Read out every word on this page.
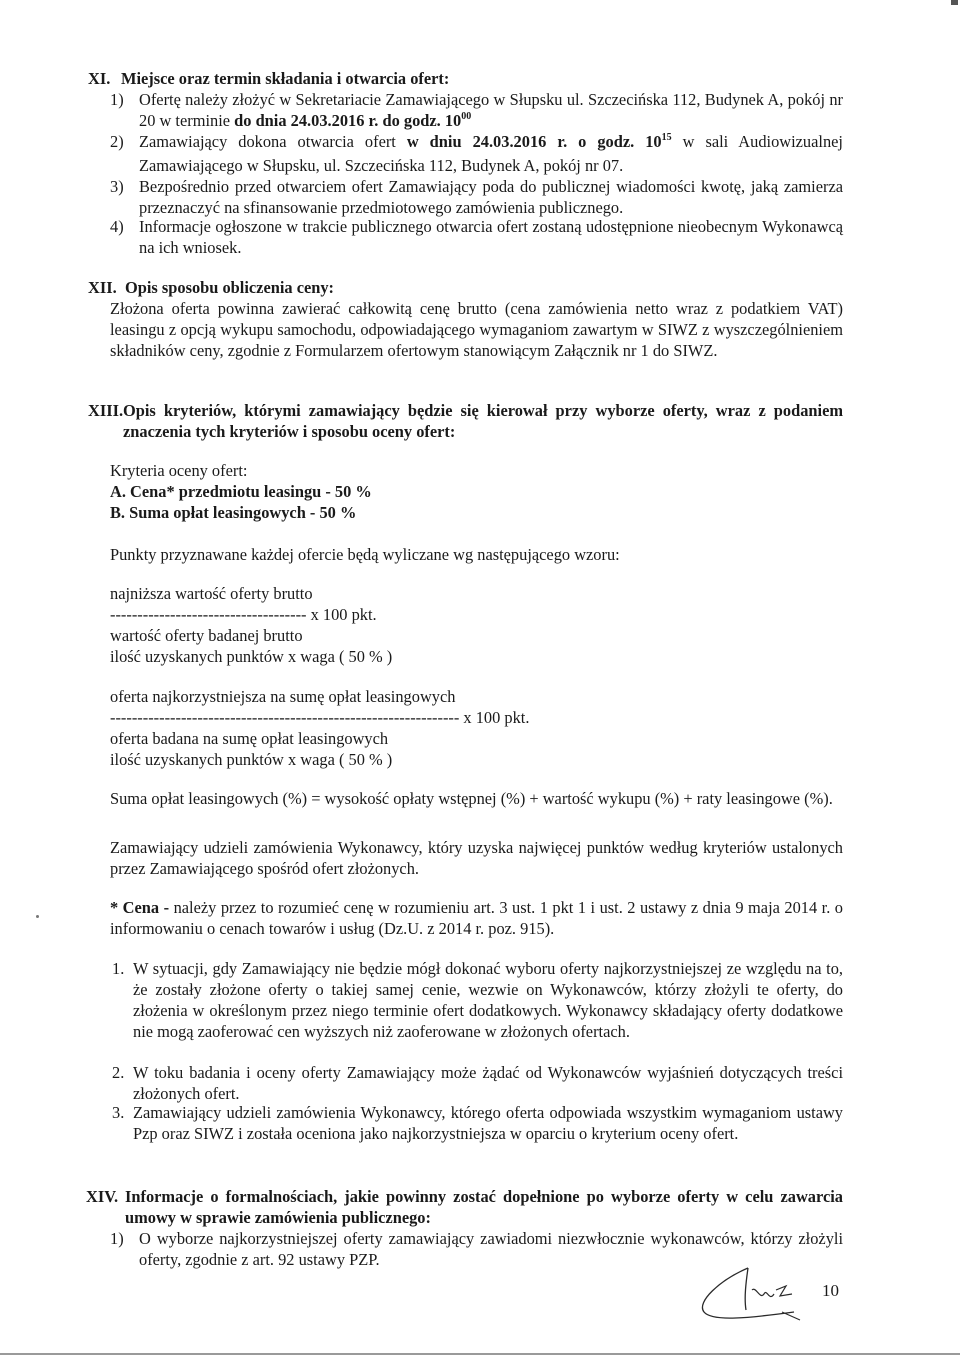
XI. Miejsce oraz termin składania i otwarcia ofert:
1) Ofertę należy złożyć w Sekretariacie Zamawiającego w Słupsku ul. Szczecińska 112, Budynek A, pokój nr 20 w terminie do dnia 24.03.2016 r. do godz. $10^{00}$
2) Zamawiający dokona otwarcia ofert w dniu 24.03.2016 r. o godz. $10^{15}$ w sali Audiowizualnej Zamawiającego w Słupsku, ul. Szczecińska 112, Budynek A, pokój nr 07.
3) Bezpośrednio przed otwarciem ofert Zamawiający poda do publicznej wiadomości kwotę, jaką zamierza przeznaczyć na sfinansowanie przedmiotowego zamówienia publicznego.
4) Informacje ogłoszone w trakcie publicznego otwarcia ofert zostaną udostępnione nieobecnym Wykonawcą na ich wniosek.
XII. Opis sposobu obliczenia ceny:
Złożona oferta powinna zawierać całkowitą cenę brutto (cena zamówienia netto wraz z podatkiem VAT) leasingu z opcją wykupu samochodu, odpowiadającego wymaganiom zawartym w SIWZ z wyszczególnieniem składników ceny, zgodnie z Formularzem ofertowym stanowiącym Załącznik nr 1 do SIWZ.
XIII. Opis kryteriów, którymi zamawiający będzie się kierował przy wyborze oferty, wraz z podaniem znaczenia tych kryteriów i sposobu oceny ofert:
Kryteria oceny ofert:
A. Cena* przedmiotu leasingu - 50 %
B. Suma opłat leasingowych - 50 %
Punkty przyznawane każdej ofercie będą wyliczane wg następującego wzoru:
najniższa wartość oferty brutto
------------------------------------ x 100 pkt.
wartość oferty badanej brutto
ilość uzyskanych punktów x waga ( 50 % )
oferta najkorzystniejsza na sumę opłat leasingowych
---------------------------------------------------------------- x 100 pkt.
oferta badana na sumę opłat leasingowych
ilość uzyskanych punktów x waga ( 50 % )
Suma opłat leasingowych (%) = wysokość opłaty wstępnej (%) + wartość wykupu (%) + raty leasingowe (%).
Zamawiający udzieli zamówienia Wykonawcy, który uzyska najwięcej punktów według kryteriów ustalonych przez Zamawiającego spośród ofert złożonych.
* Cena - należy przez to rozumieć cenę w rozumieniu art. 3 ust. 1 pkt 1 i ust. 2 ustawy z dnia 9 maja 2014 r. o informowaniu o cenach towarów i usług (Dz.U. z 2014 r. poz. 915).
1. W sytuacji, gdy Zamawiający nie będzie mógł dokonać wyboru oferty najkorzystniejszej ze względu na to, że zostały złożone oferty o takiej samej cenie, wezwie on Wykonawców, którzy złożyli te oferty, do złożenia w określonym przez niego terminie ofert dodatkowych. Wykonawcy składający oferty dodatkowe nie mogą zaoferować cen wyższych niż zaoferowane w złożonych ofertach.
2. W toku badania i oceny oferty Zamawiający może żądać od Wykonawców wyjaśnień dotyczących treści złożonych ofert.
3. Zamawiający udzieli zamówienia Wykonawcy, którego oferta odpowiada wszystkim wymaganiom ustawy Pzp oraz SIWZ i została oceniona jako najkorzystniejsza w oparciu o kryterium oceny ofert.
XIV. Informacje o formalnościach, jakie powinny zostać dopełnione po wyborze oferty w celu zawarcia umowy w sprawie zamówienia publicznego:
1) O wyborze najkorzystniejszej oferty zamawiający zawiadomi niezwłocznie wykonawców, którzy złożyli oferty, zgodnie z art. 92 ustawy PZP.
10
